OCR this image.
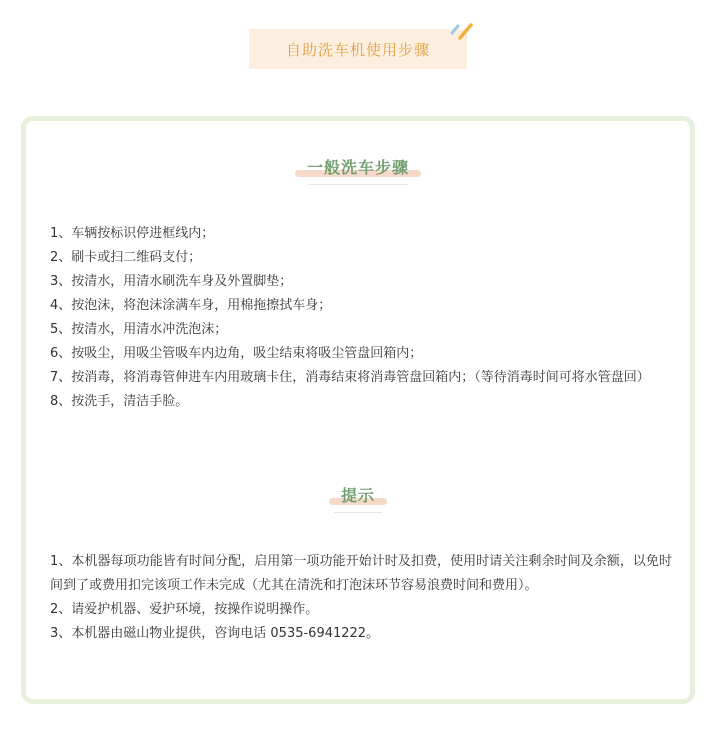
自助洗车机使用步骤
一般洗车步骤

1、车辆按标识停进框线内；

2、刷卡或扫二维码支付；

3、按清水，用清水刷洗车身及外置脚垫；

4、按泡沫，将泡沫涂满车身，用棉拖擦拭车身；

5、按清水，用清水冲洗泡沫；

6、按吸尘，用吸尘管吸车内边角，吸尘结束将吸尘管盘回箱内；

7、按消毒，将消毒管伸进车内用玻璃卡住，消毒结束将消毒管盘回箱内；（等待消毒时间可将水管盘回）

8、按洗手，清洁手脸。

提示

1、本机器每项功能皆有时间分配，启用第一项功能开始计时及扣费，使用时请关注剩余时间及余额，以免时间到了或费用扣完该项工作未完成（尤其在清洗和打泡沫环节容易浪费时间和费用）。

2、请爱护机器、爱护环境，按操作说明操作。

3、本机器由磁山物业提供，咨询电话 0535-6941222。
